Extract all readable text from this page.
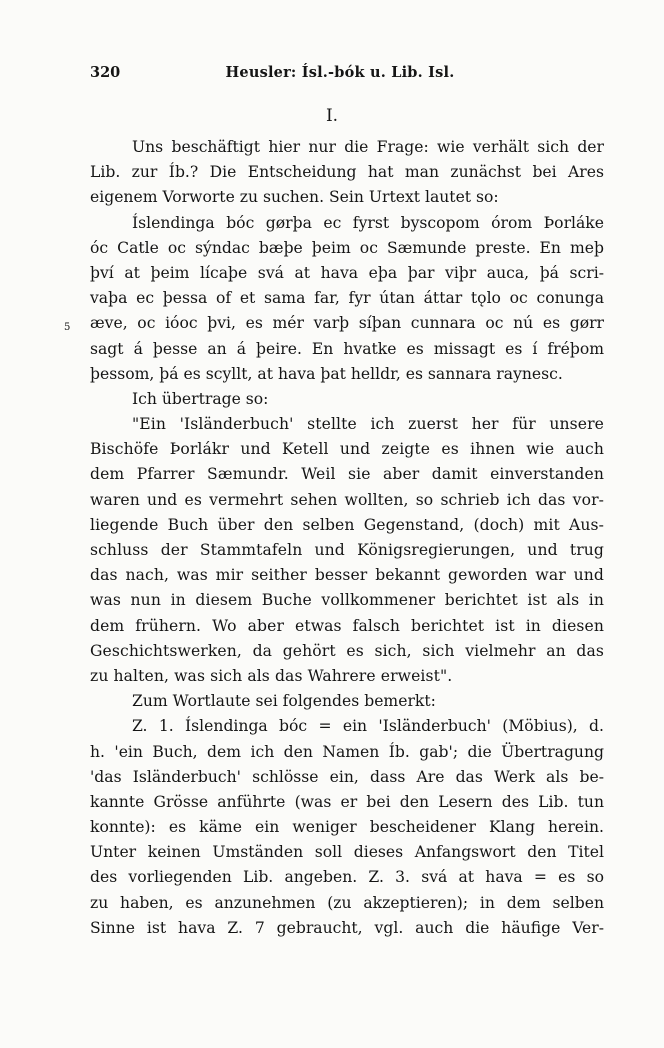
320	Heusler: Ísl.-bók u. Lib. Isl.
I.
5
Uns beschäftigt hier nur die Frage: wie verhält sich der
Lib. zur Íb.? Die Entscheidung hat man zunächst bei Ares
eigenem Vorworte zu suchen. Sein Urtext lautet so:
Íslendinga bóc gørþa ec fyrst byscopom órom Þorláke
óc Catle oc sýndac bæþe þeim oc Sæmunde preste. En meþ
því at þeim lícaþe svá at hava eþa þar viþr auca, þá scri-
vaþa ec þessa of et sama far, fyr útan áttar tǫlo oc conunga
æve, oc ióoc þvi, es mér varþ síþan cunnara oc nú es gørr
sagt á þesse an á þeire. En hvatke es missagt es í fréþom
þessom, þá es scyllt, at hava þat helldr, es sannara raynesc.
Ich übertrage so:
"Ein 'Isländerbuch' stellte ich zuerst her für unsere
Bischöfe Þorlákr und Ketell und zeigte es ihnen wie auch
dem Pfarrer Sæmundr. Weil sie aber damit einverstanden
waren und es vermehrt sehen wollten, so schrieb ich das vor-
liegende Buch über den selben Gegenstand, (doch) mit Aus-
schluss der Stammtafeln und Königsregierungen, und trug
das nach, was mir seither besser bekannt geworden war und
was nun in diesem Buche vollkommener berichtet ist als in
dem frühern. Wo aber etwas falsch berichtet ist in diesen
Geschichtswerken, da gehört es sich, sich vielmehr an das
zu halten, was sich als das Wahrere erweist".
Zum Wortlaute sei folgendes bemerkt:
Z. 1. Íslendinga bóc = ein 'Isländerbuch' (Möbius), d.
h. 'ein Buch, dem ich den Namen Íb. gab'; die Übertragung
'das Isländerbuch' schlösse ein, dass Are das Werk als be-
kannte Grösse anführte (was er bei den Lesern des Lib. tun
konnte): es käme ein weniger bescheidener Klang herein.
Unter keinen Umständen soll dieses Anfangswort den Titel
des vorliegenden Lib. angeben. Z. 3. svá at hava = es so
zu haben, es anzunehmen (zu akzeptieren); in dem selben
Sinne ist hava Z. 7 gebraucht, vgl. auch die häufige Ver-
